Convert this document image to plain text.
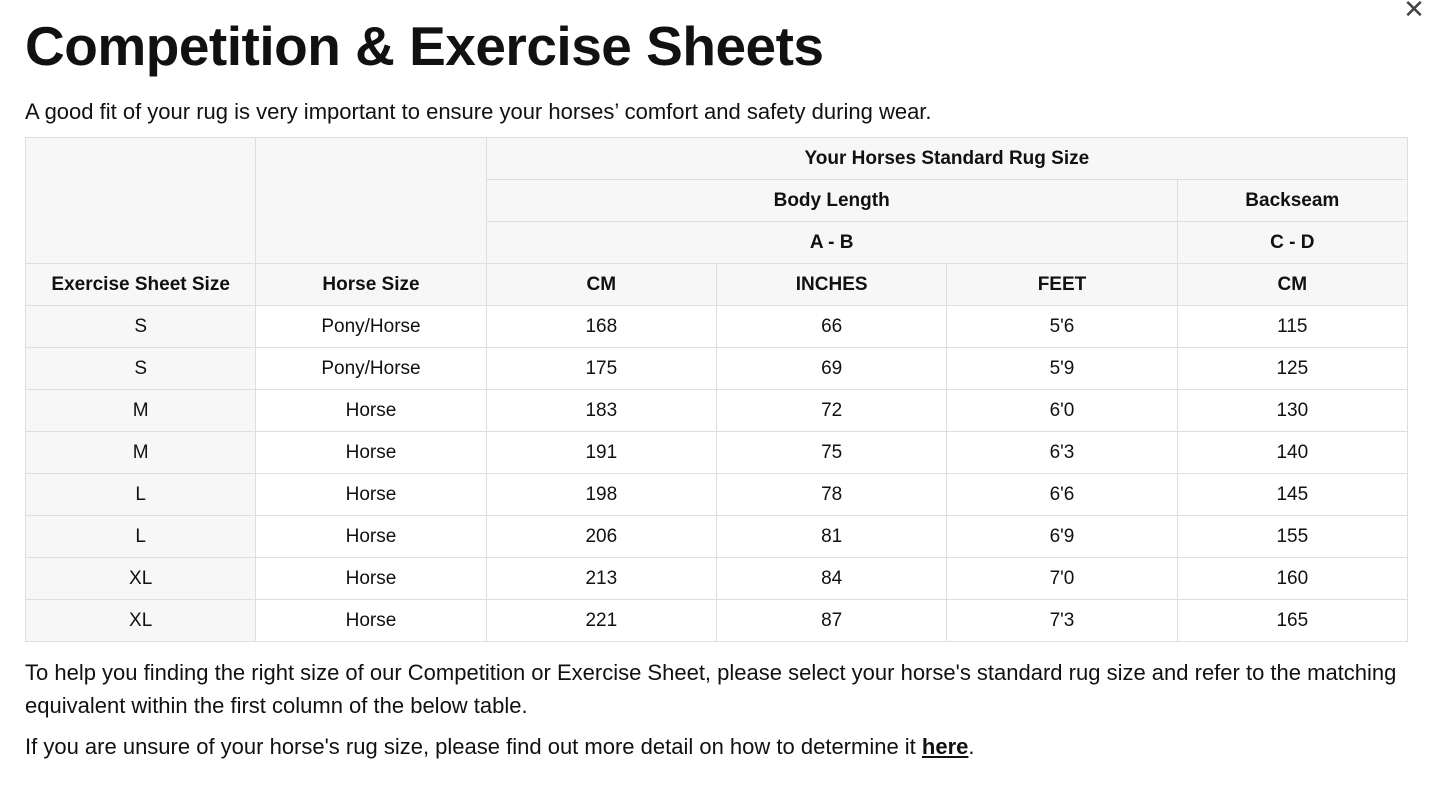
✕
Competition & Exercise Sheets

A good fit of your rug is very important to ensure your horses’ comfort and safety during wear.

		Your Horses Standard Rug Size			
		Body Length			Backseam
		A - B			C - D
Exercise Sheet Size	Horse Size	CM	INCHES	FEET	CM
S	Pony/Horse	168	66	5'6	115
S	Pony/Horse	175	69	5'9	125
M	Horse	183	72	6'0	130
M	Horse	191	75	6'3	140
L	Horse	198	78	6'6	145
L	Horse	206	81	6'9	155
XL	Horse	213	84	7'0	160
XL	Horse	221	87	7'3	165

To help you finding the right size of our Competition or Exercise Sheet, please select your horse's standard rug size and refer to the matching equivalent within the first column of the below table.

If you are unsure of your horse's rug size, please find out more detail on how to determine it here.
